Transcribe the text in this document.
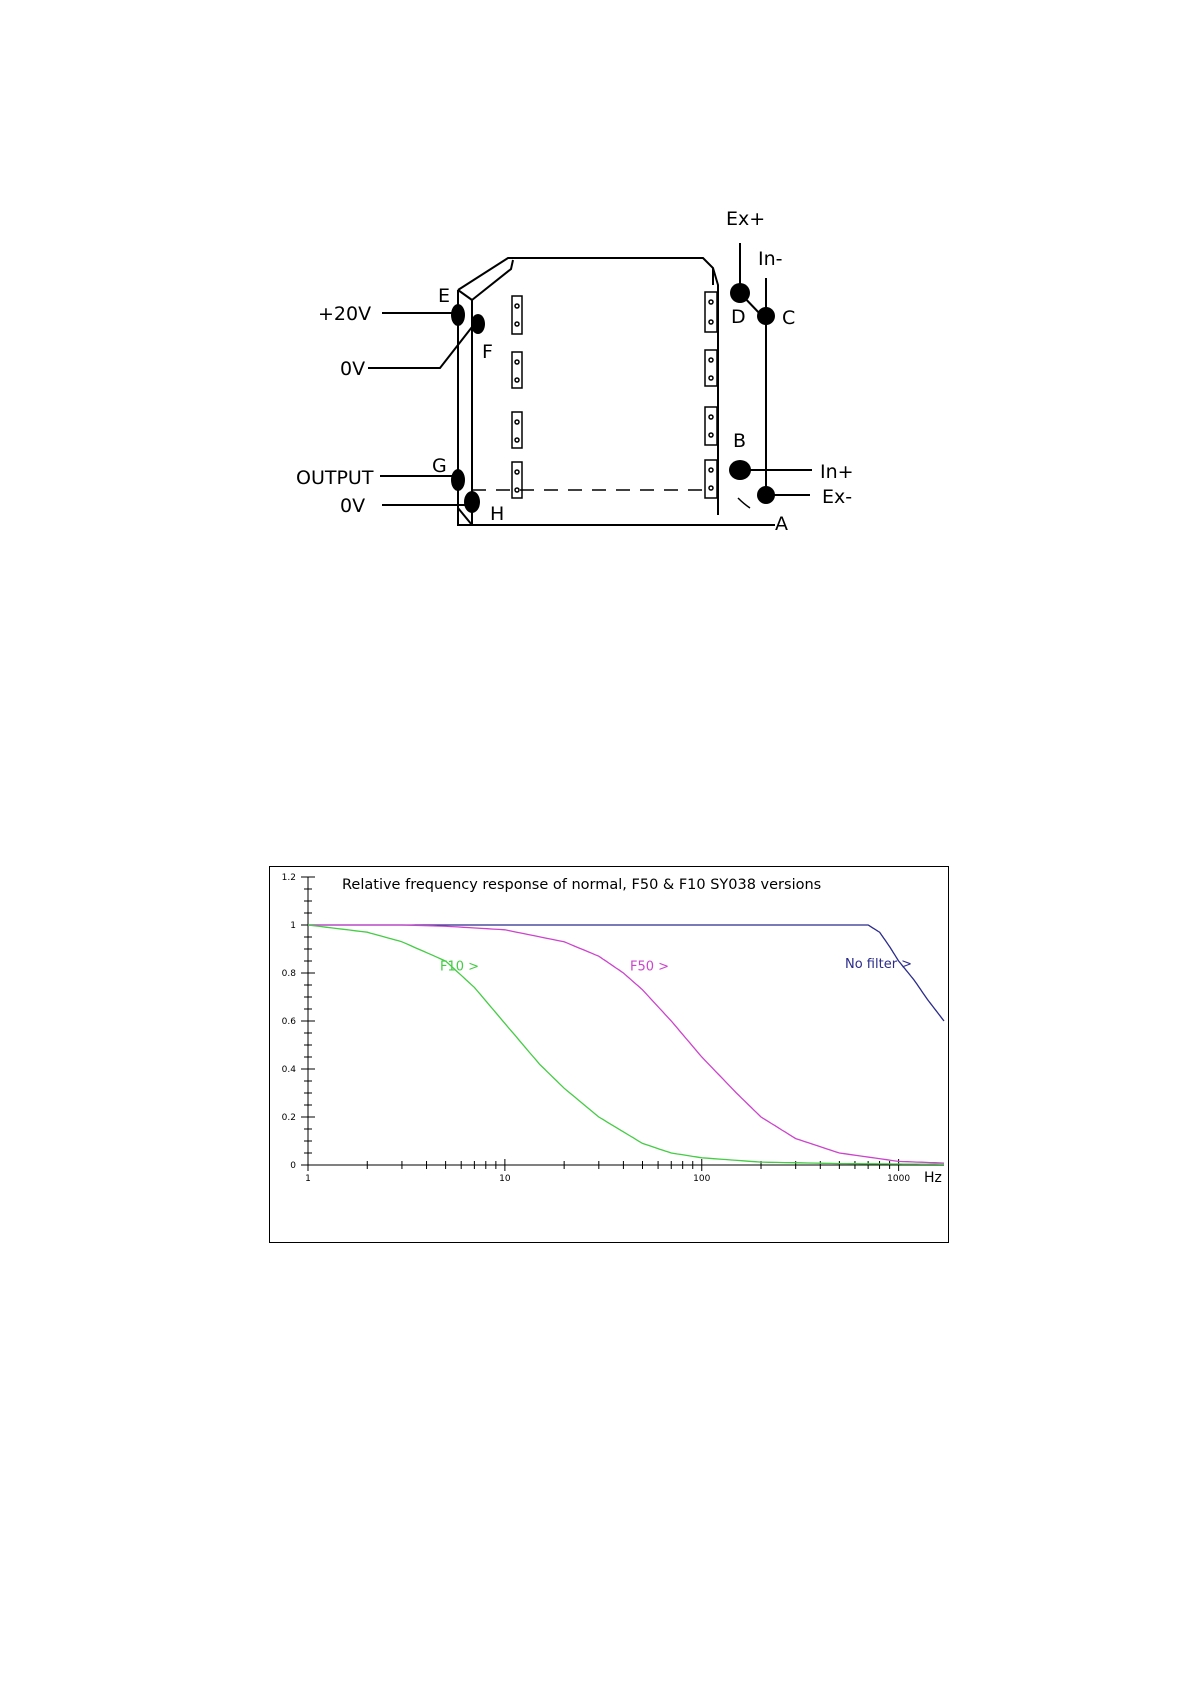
E
F
G
H
D C
B
A
+20V
0V
OUTPUT
0V
Ex+
In-
In+
Ex-
Relative frequency response of normal, F50 & F10 SY038 versions
0
0.2
0.4
0.6
0.8
1
1.2
1	10	100	1000 Hz
No filter >
F50 >
F10 >
